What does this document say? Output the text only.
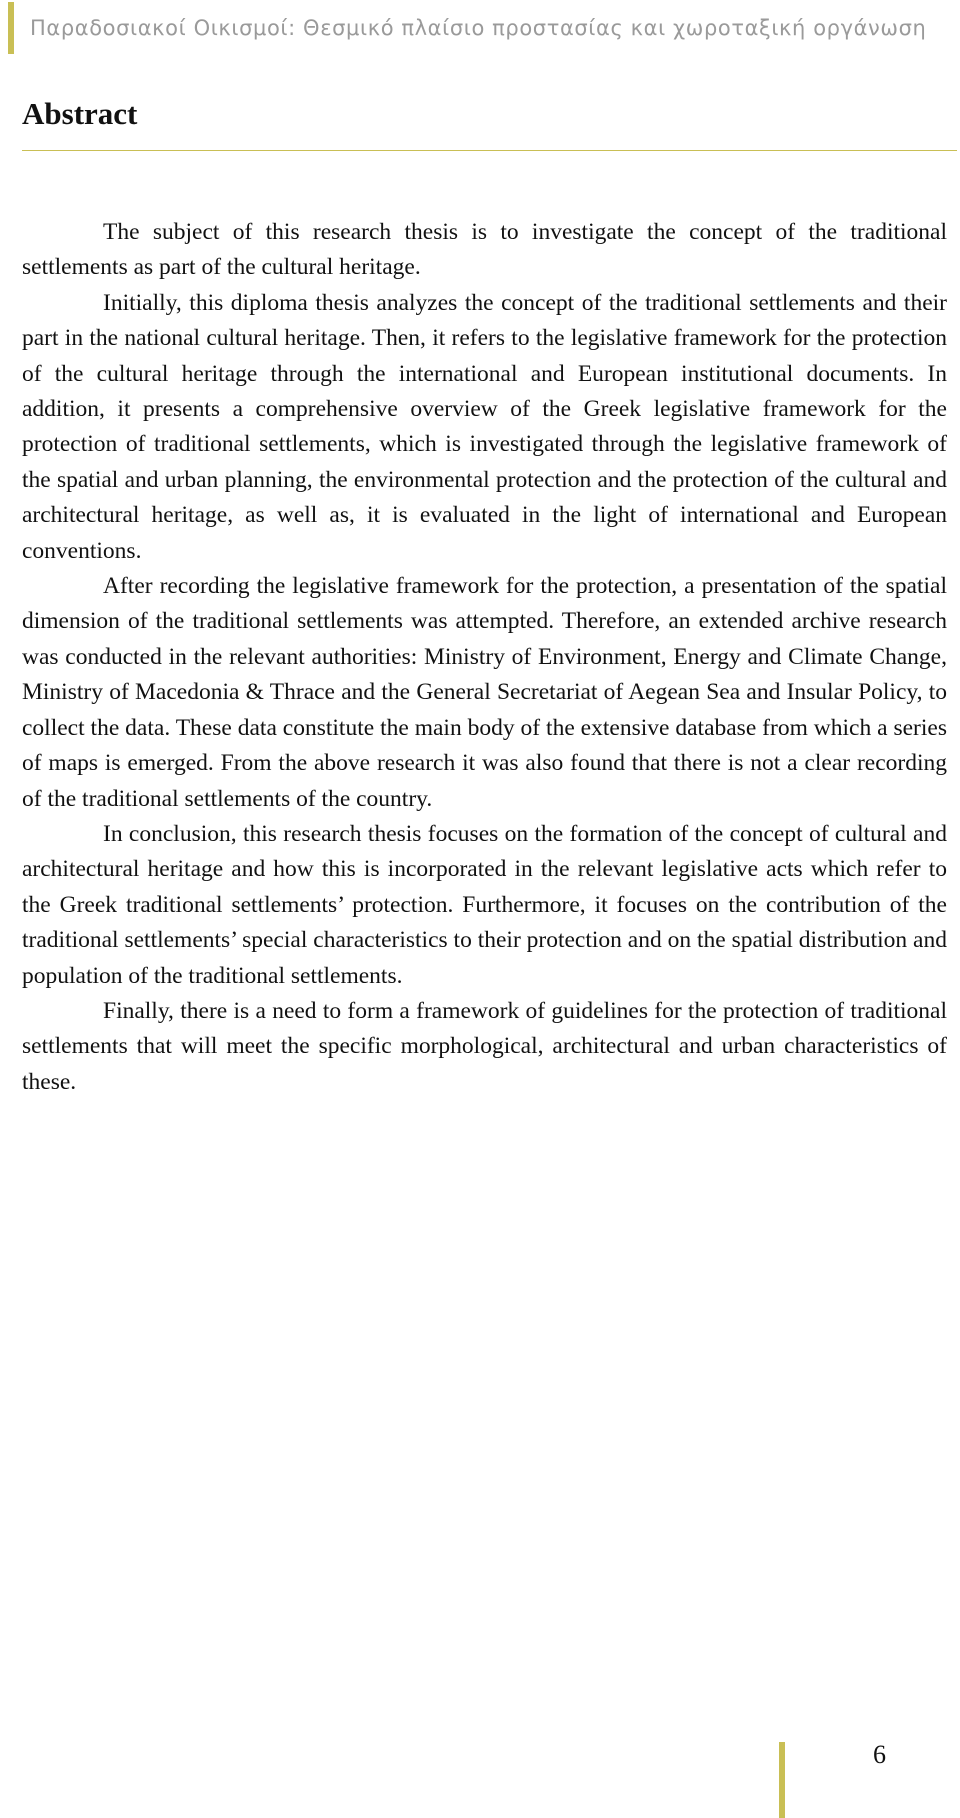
Παραδοσιακοί Οικισμοί: Θεσμικό πλαίσιο προστασίας και χωροταξική οργάνωση
Abstract

The subject of this research thesis is to investigate the concept of the traditional settlements as part of the cultural heritage.

Initially, this diploma thesis analyzes the concept of the traditional settlements and their part in the national cultural heritage. Then, it refers to the legislative framework for the protection of the cultural heritage through the international and European institutional documents. In addition, it presents a comprehensive overview of the Greek legislative framework for the protection of traditional settlements, which is investigated through the legislative framework of the spatial and urban planning, the environmental protection and the protection of the cultural and architectural heritage, as well as, it is evaluated in the light of international and European conventions.

After recording the legislative framework for the protection, a presentation of the spatial dimension of the traditional settlements was attempted. Therefore, an extended archive research was conducted in the relevant authorities: Ministry of Environment, Energy and Climate Change, Ministry of Macedonia & Thrace and the General Secretariat of Aegean Sea and Insular Policy, to collect the data. These data constitute the main body of the extensive database from which a series of maps is emerged. From the above research it was also found that there is not a clear recording of the traditional settlements of the country.

In conclusion, this research thesis focuses on the formation of the concept of cultural and architectural heritage and how this is incorporated in the relevant legislative acts which refer to the Greek traditional settlements’ protection. Furthermore, it focuses on the contribution of the traditional settlements’ special characteristics to their protection and on the spatial distribution and population of the traditional settlements.

Finally, there is a need to form a framework of guidelines for the protection of traditional settlements that will meet the specific morphological, architectural and urban characteristics of these.

6
